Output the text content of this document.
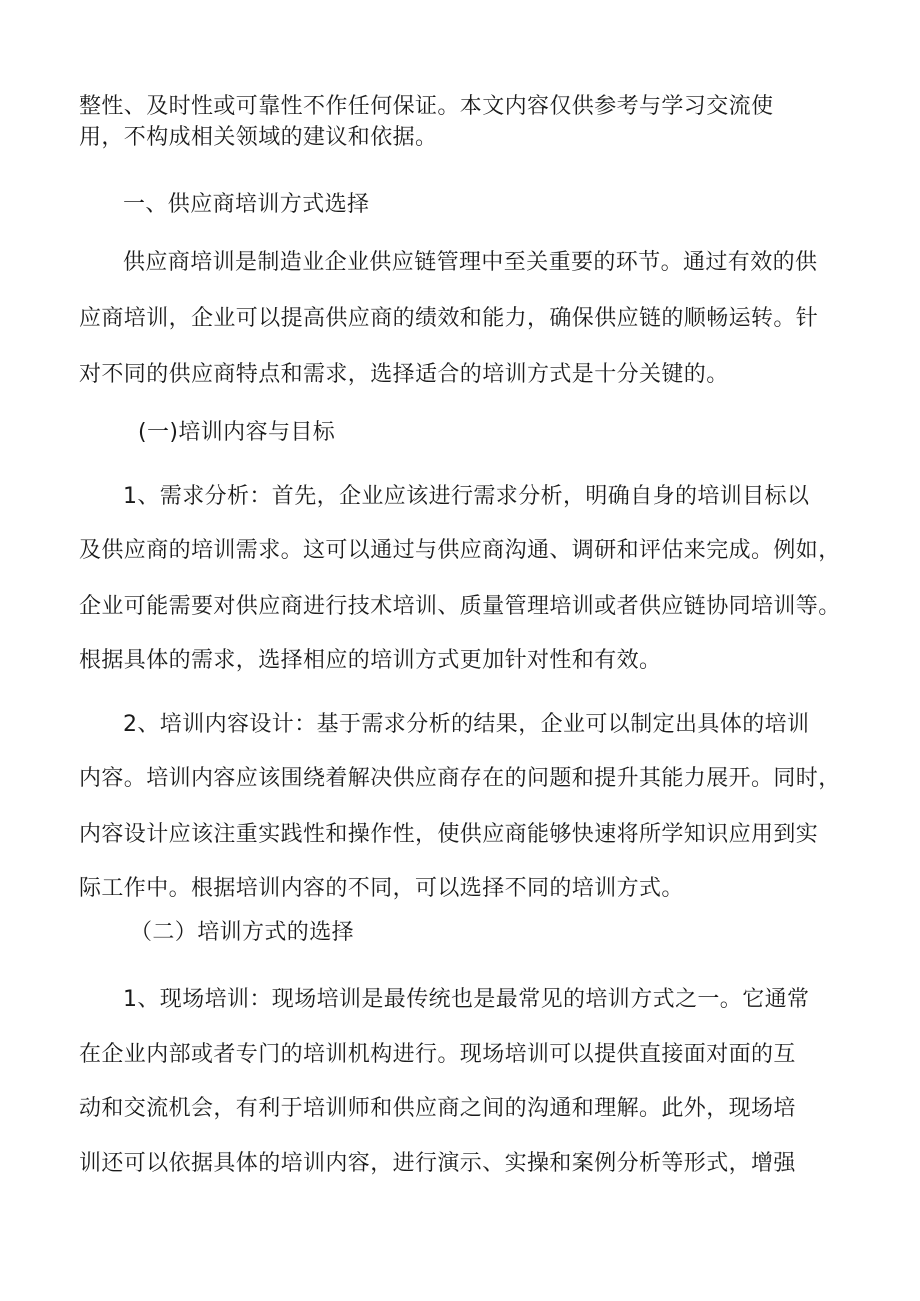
整性、及时性或可靠性不作任何保证。本文内容仅供参考与学习交流使
用，不构成相关领域的建议和依据。
一、供应商培训方式选择
供应商培训是制造业企业供应链管理中至关重要的环节。通过有效的供
应商培训，企业可以提高供应商的绩效和能力，确保供应链的顺畅运转。针
对不同的供应商特点和需求，选择适合的培训方式是十分关键的。
(一)培训内容与目标
1、需求分析：首先，企业应该进行需求分析，明确自身的培训目标以
及供应商的培训需求。这可以通过与供应商沟通、调研和评估来完成。例如，
企业可能需要对供应商进行技术培训、质量管理培训或者供应链协同培训等。
根据具体的需求，选择相应的培训方式更加针对性和有效。
2、培训内容设计：基于需求分析的结果，企业可以制定出具体的培训
内容。培训内容应该围绕着解决供应商存在的问题和提升其能力展开。同时，
内容设计应该注重实践性和操作性，使供应商能够快速将所学知识应用到实
际工作中。根据培训内容的不同，可以选择不同的培训方式。
（二）培训方式的选择
1、现场培训：现场培训是最传统也是最常见的培训方式之一。它通常
在企业内部或者专门的培训机构进行。现场培训可以提供直接面对面的互
动和交流机会，有利于培训师和供应商之间的沟通和理解。此外，现场培
训还可以依据具体的培训内容，进行演示、实操和案例分析等形式，增强
